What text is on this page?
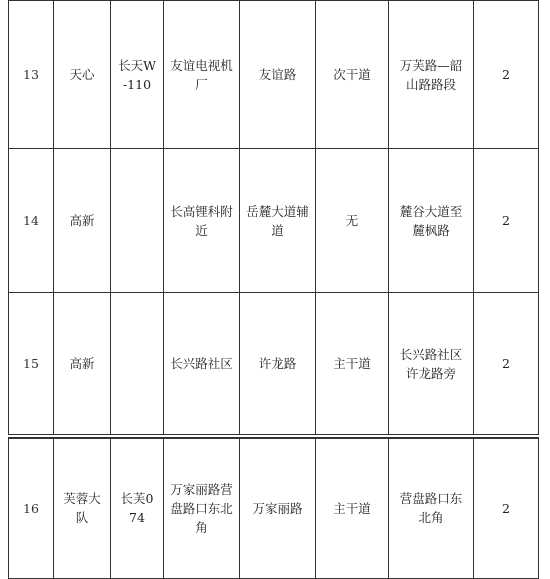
13	天心	长天W-110	友谊电视机厂	友谊路	次干道	万芙路—韶山路路段	2
14	高新		长高锂科附近	岳麓大道辅道	无	麓谷大道至麓枫路	2
15	高新		长兴路社区	许龙路	主干道	长兴路社区许龙路旁	2
16	芙蓉大队	长芙074	万家丽路营盘路口东北角	万家丽路	主干道	营盘路口东北角	2
